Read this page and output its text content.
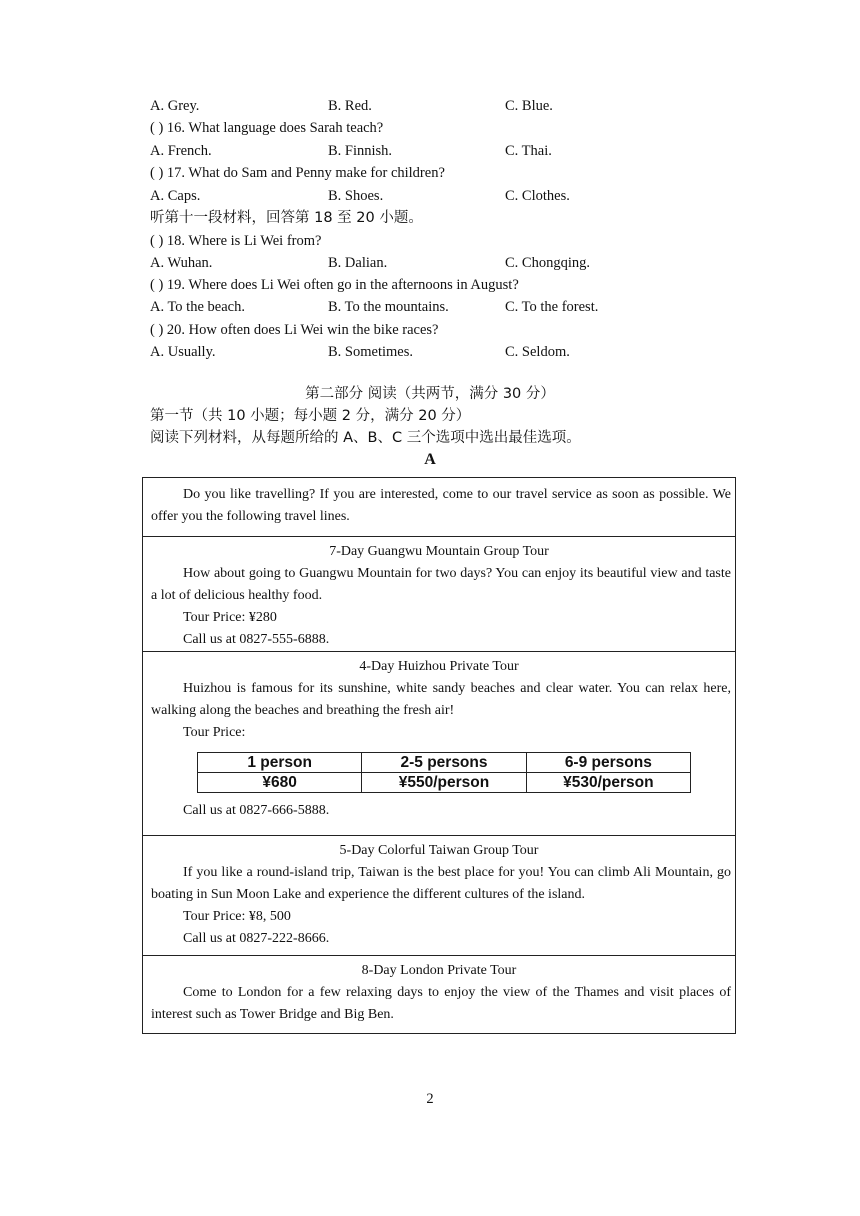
A. Grey.	B. Red.	C. Blue.
( ) 16. What language does Sarah teach?
A. French.	B. Finnish.	C. Thai.
( ) 17. What do Sam and Penny make for children?
A. Caps.	B. Shoes.	C. Clothes.
听第十一段材料，回答第 18 至 20 小题。
( ) 18. Where is Li Wei from?
A. Wuhan.	B. Dalian.	C. Chongqing.
( ) 19. Where does Li Wei often go in the afternoons in August?
A. To the beach.	B. To the mountains.	C. To the forest.
( ) 20. How often does Li Wei win the bike races?
A. Usually.	B. Sometimes.	C. Seldom.
第二部分 阅读（共两节，满分 30 分）
第一节（共 10 小题；每小题 2 分，满分 20 分）
阅读下列材料，从每题所给的 A、B、C 三个选项中选出最佳选项。
A

Do you like travelling? If you are interested, come to our travel service as soon as possible. We offer you the following travel lines.

7-Day Guangwu Mountain Group Tour

How about going to Guangwu Mountain for two days? You can enjoy its beautiful view and taste a lot of delicious healthy food.

Tour Price: ¥280

Call us at 0827-555-6888.

4-Day Huizhou Private Tour

Huizhou is famous for its sunshine, white sandy beaches and clear water. You can relax here, walking along the beaches and breathing the fresh air!

Tour Price:

1 person	2-5 persons	6-9 persons
¥680	¥550/person	¥530/person

Call us at 0827-666-5888.

5-Day Colorful Taiwan Group Tour

If you like a round-island trip, Taiwan is the best place for you! You can climb Ali Mountain, go boating in Sun Moon Lake and experience the different cultures of the island.

Tour Price: ¥8, 500

Call us at 0827-222-8666.

8-Day London Private Tour

Come to London for a few relaxing days to enjoy the view of the Thames and visit places of interest such as Tower Bridge and Big Ben.

2
